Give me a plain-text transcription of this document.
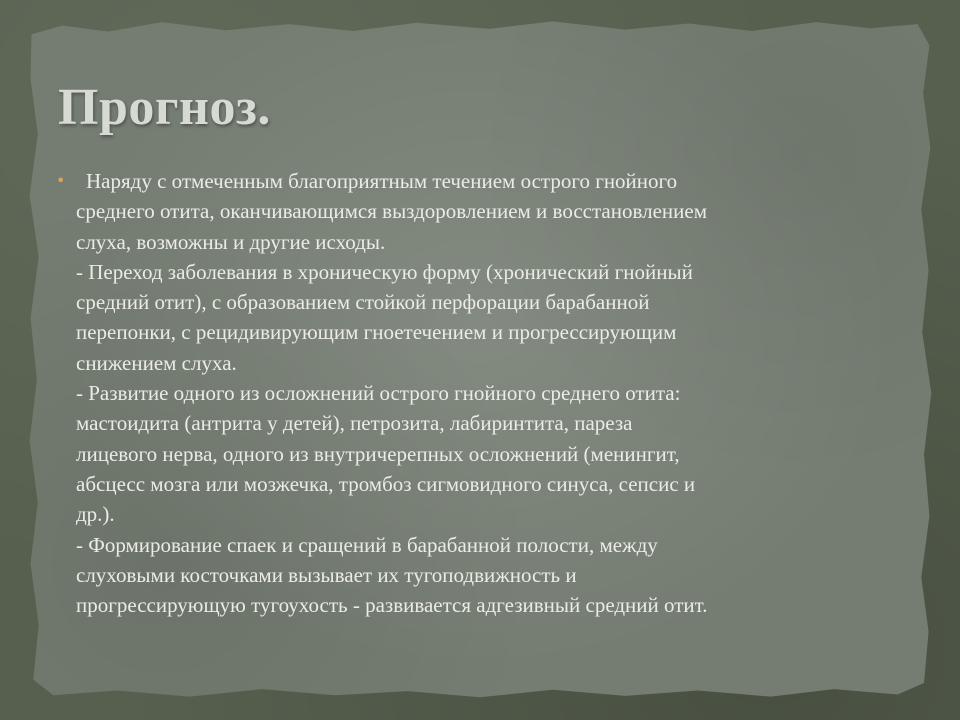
Прогноз.
• Наряду с отмеченным благоприятным течением острого гнойного
среднего отита, оканчивающимся выздоровлением и восстановлением
слуха, возможны и другие исходы.
- Переход заболевания в хроническую форму (хронический гнойный
средний отит), с образованием стойкой перфорации барабанной
перепонки, с рецидивирующим гноетечением и прогрессирующим
снижением слуха.
- Развитие одного из осложнений острого гнойного среднего отита:
мастоидита (антрита у детей), петрозита, лабиринтита, пареза
лицевого нерва, одного из внутричерепных осложнений (менингит,
абсцесс мозга или мозжечка, тромбоз сигмовидного синуса, сепсис и
др.).
- Формирование спаек и сращений в барабанной полости, между
слуховыми косточками вызывает их тугоподвижность и
прогрессирующую тугоухость - развивается адгезивный средний отит.
